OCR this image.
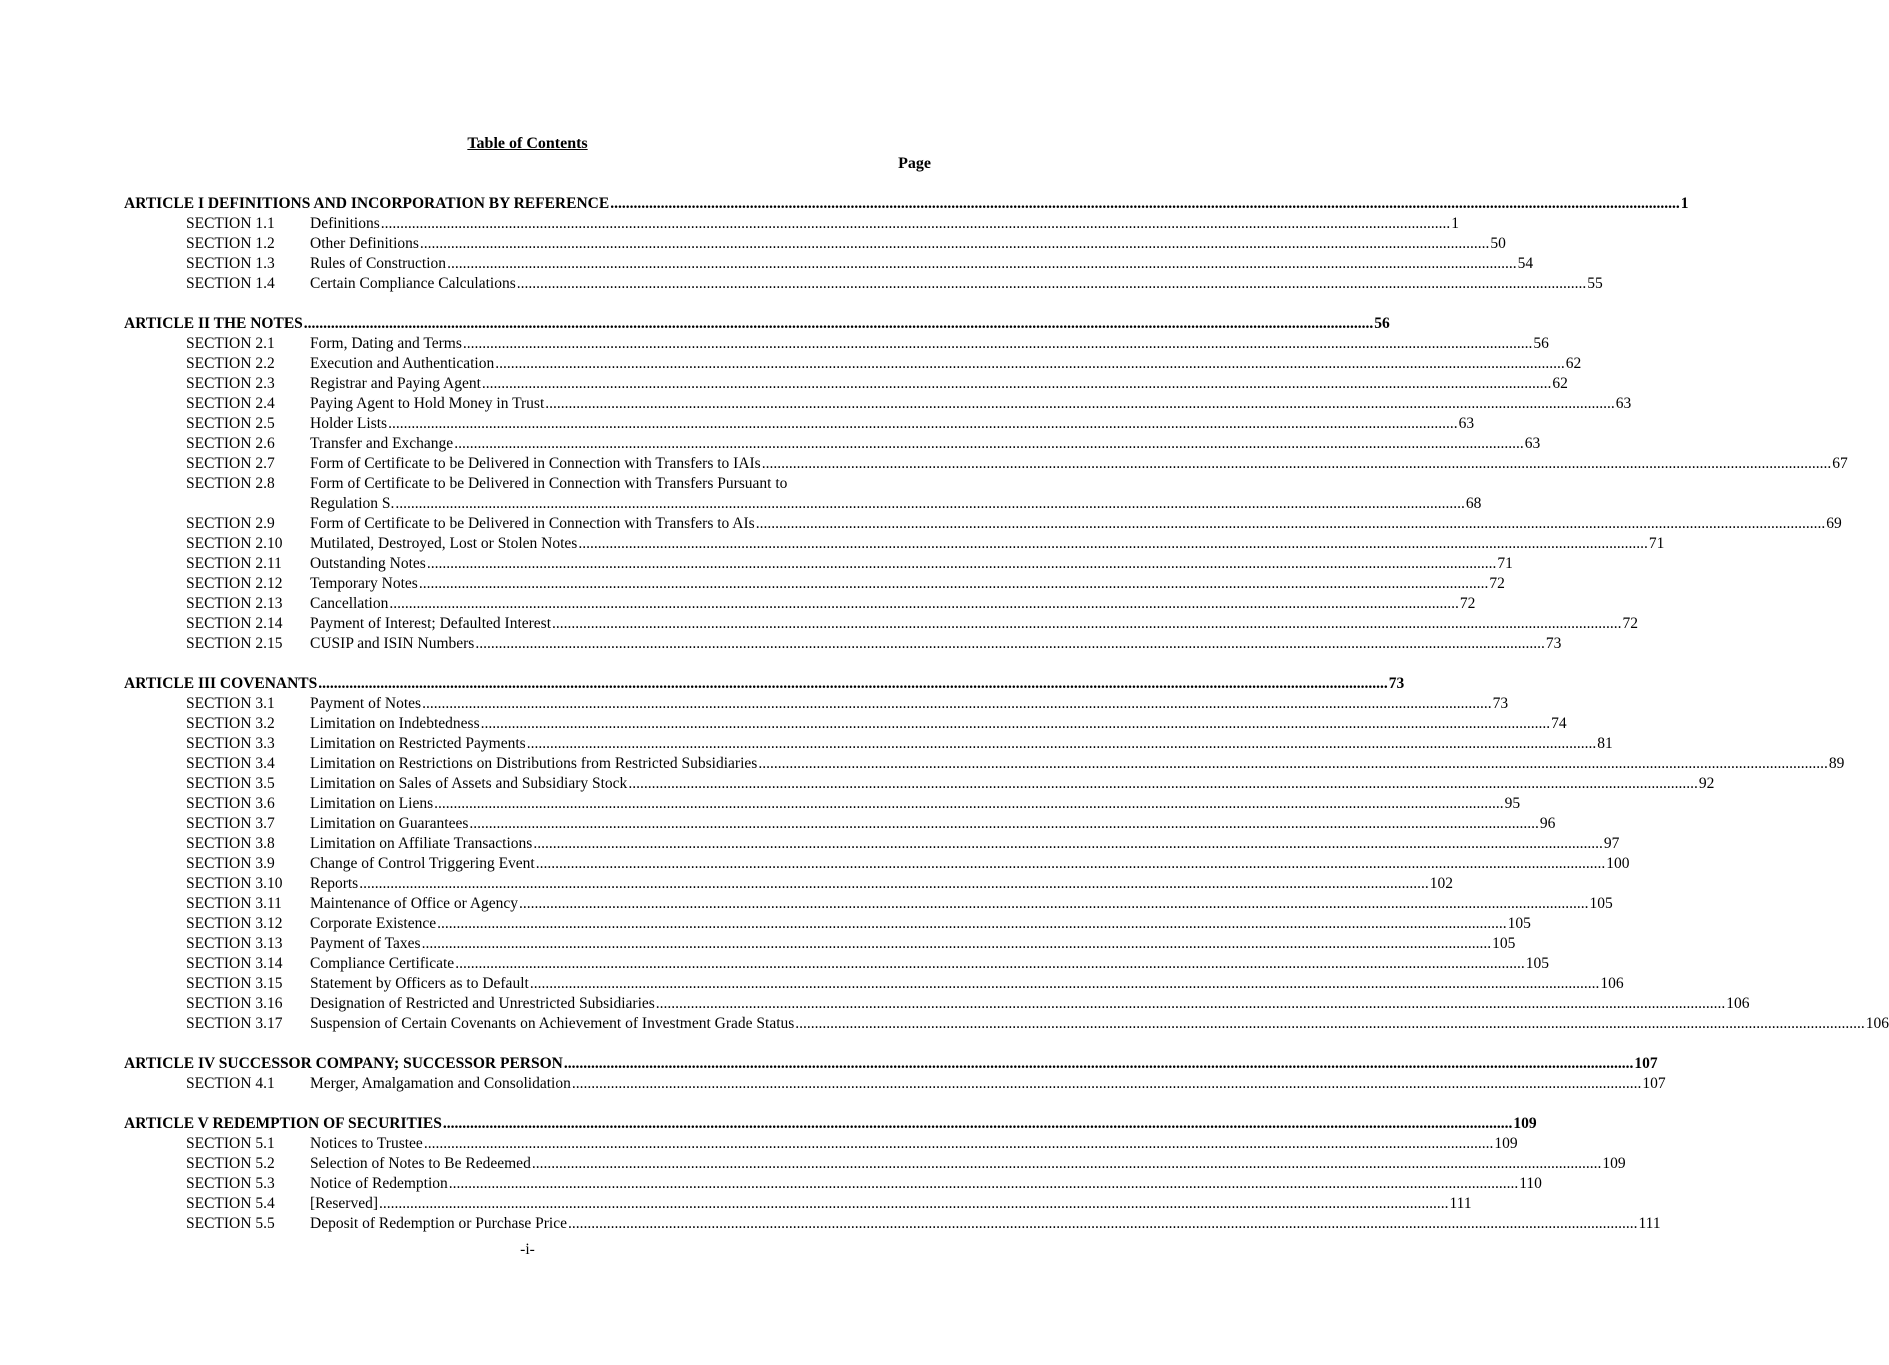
Table of Contents
Page
ARTICLE I DEFINITIONS AND INCORPORATION BY REFERENCE .....	1
SECTION 1.1	Definitions .....	1
SECTION 1.2	Other Definitions .....	50
SECTION 1.3	Rules of Construction .....	54
SECTION 1.4	Certain Compliance Calculations .....	55
ARTICLE II THE NOTES .....	56
SECTION 2.1	Form, Dating and Terms .....	56
SECTION 2.2	Execution and Authentication .....	62
SECTION 2.3	Registrar and Paying Agent .....	62
SECTION 2.4	Paying Agent to Hold Money in Trust .....	63
SECTION 2.5	Holder Lists .....	63
SECTION 2.6	Transfer and Exchange .....	63
SECTION 2.7	Form of Certificate to be Delivered in Connection with Transfers to IAIs .....	67
SECTION 2.8	Form of Certificate to be Delivered in Connection with Transfers Pursuant to
Regulation S. .....	68
SECTION 2.9	Form of Certificate to be Delivered in Connection with Transfers to AIs .....	69
SECTION 2.10	Mutilated, Destroyed, Lost or Stolen Notes .....	71
SECTION 2.11	Outstanding Notes .....	71
SECTION 2.12	Temporary Notes .....	72
SECTION 2.13	Cancellation .....	72
SECTION 2.14	Payment of Interest; Defaulted Interest .....	72
SECTION 2.15	CUSIP and ISIN Numbers .....	73
ARTICLE III COVENANTS .....	73
SECTION 3.1	Payment of Notes .....	73
SECTION 3.2	Limitation on Indebtedness .....	74
SECTION 3.3	Limitation on Restricted Payments .....	81
SECTION 3.4	Limitation on Restrictions on Distributions from Restricted Subsidiaries .....	89
SECTION 3.5	Limitation on Sales of Assets and Subsidiary Stock .....	92
SECTION 3.6	Limitation on Liens .....	95
SECTION 3.7	Limitation on Guarantees .....	96
SECTION 3.8	Limitation on Affiliate Transactions .....	97
SECTION 3.9	Change of Control Triggering Event .....	100
SECTION 3.10	Reports .....	102
SECTION 3.11	Maintenance of Office or Agency .....	105
SECTION 3.12	Corporate Existence .....	105
SECTION 3.13	Payment of Taxes .....	105
SECTION 3.14	Compliance Certificate .....	105
SECTION 3.15	Statement by Officers as to Default .....	106
SECTION 3.16	Designation of Restricted and Unrestricted Subsidiaries .....	106
SECTION 3.17	Suspension of Certain Covenants on Achievement of Investment Grade Status .....	106
ARTICLE IV SUCCESSOR COMPANY; SUCCESSOR PERSON .....	107
SECTION 4.1	Merger, Amalgamation and Consolidation .....	107
ARTICLE V REDEMPTION OF SECURITIES .....	109
SECTION 5.1	Notices to Trustee .....	109
SECTION 5.2	Selection of Notes to Be Redeemed .....	109
SECTION 5.3	Notice of Redemption .....	110
SECTION 5.4	[Reserved] .....	111
SECTION 5.5	Deposit of Redemption or Purchase Price .....	111
-i-
